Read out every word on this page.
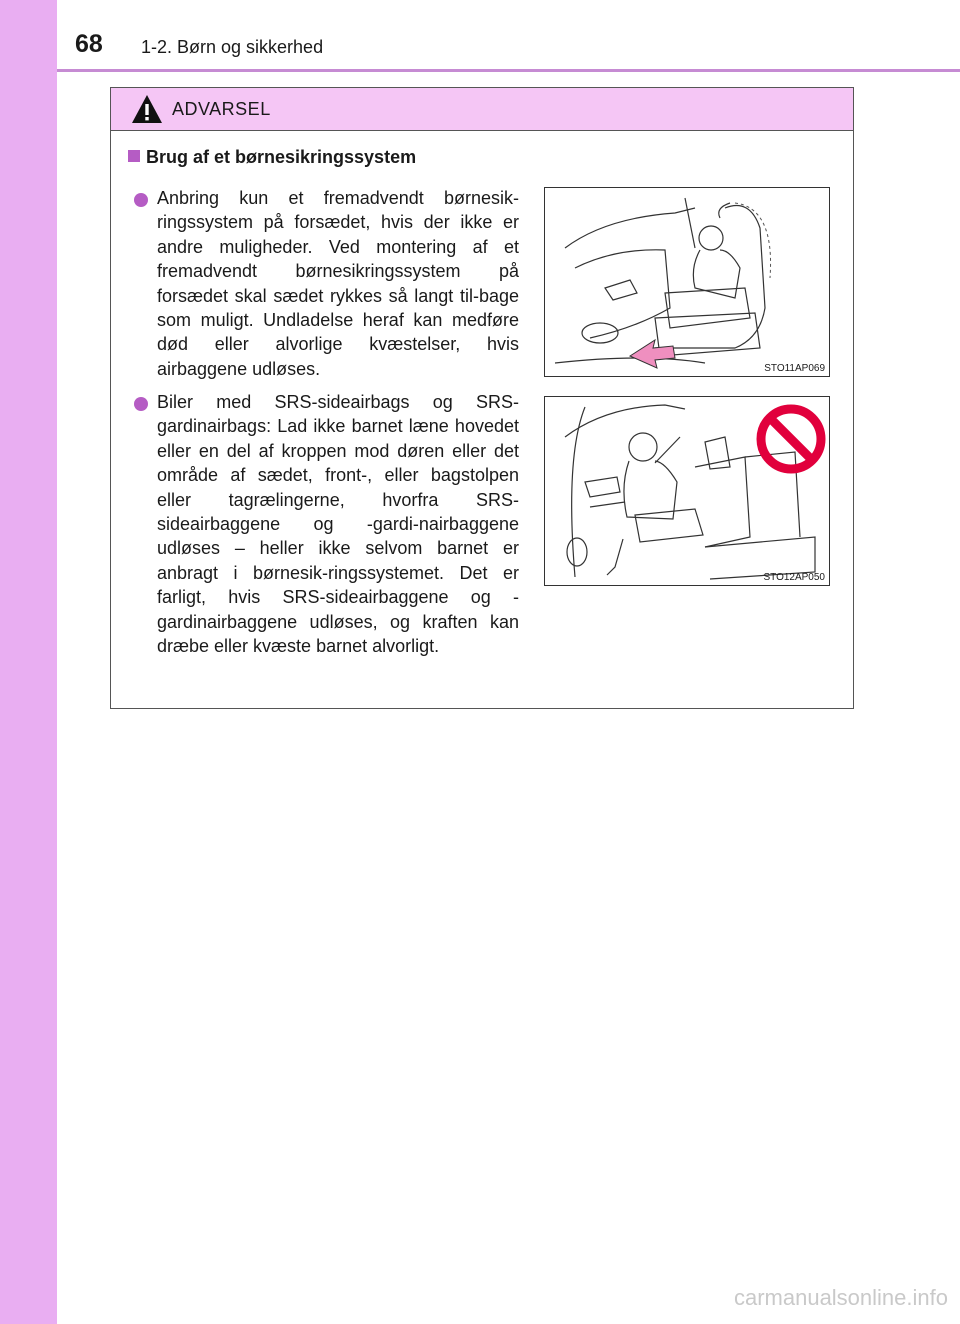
68 1-2. Børn og sikkerhed
ADVARSEL
Brug af et børnesikringssystem
Anbring kun et fremadvendt børnesik-ringssystem på forsædet, hvis der ikke er andre muligheder. Ved montering af et fremadvendt børnesikringssystem på forsædet skal sædet rykkes så langt til-bage som muligt. Undladelse heraf kan medføre død eller alvorlige kvæstelser, hvis airbaggene udløses.	STO11AP069
Biler med SRS-sideairbags og SRS-gardinairbags: Lad ikke barnet læne hovedet eller en del af kroppen mod døren eller det område af sædet, front-, eller bagstolpen eller tagrælingerne, hvorfra SRS-sideairbaggene og -gardi-nairbaggene udløses – heller ikke selvom barnet er anbragt i børnesik-ringssystemet. Det er farligt, hvis SRS-sideairbaggene og -gardinairbaggene udløses, og kraften kan dræbe eller kvæste barnet alvorligt.
STO12AP050
carmanualsonline.info
